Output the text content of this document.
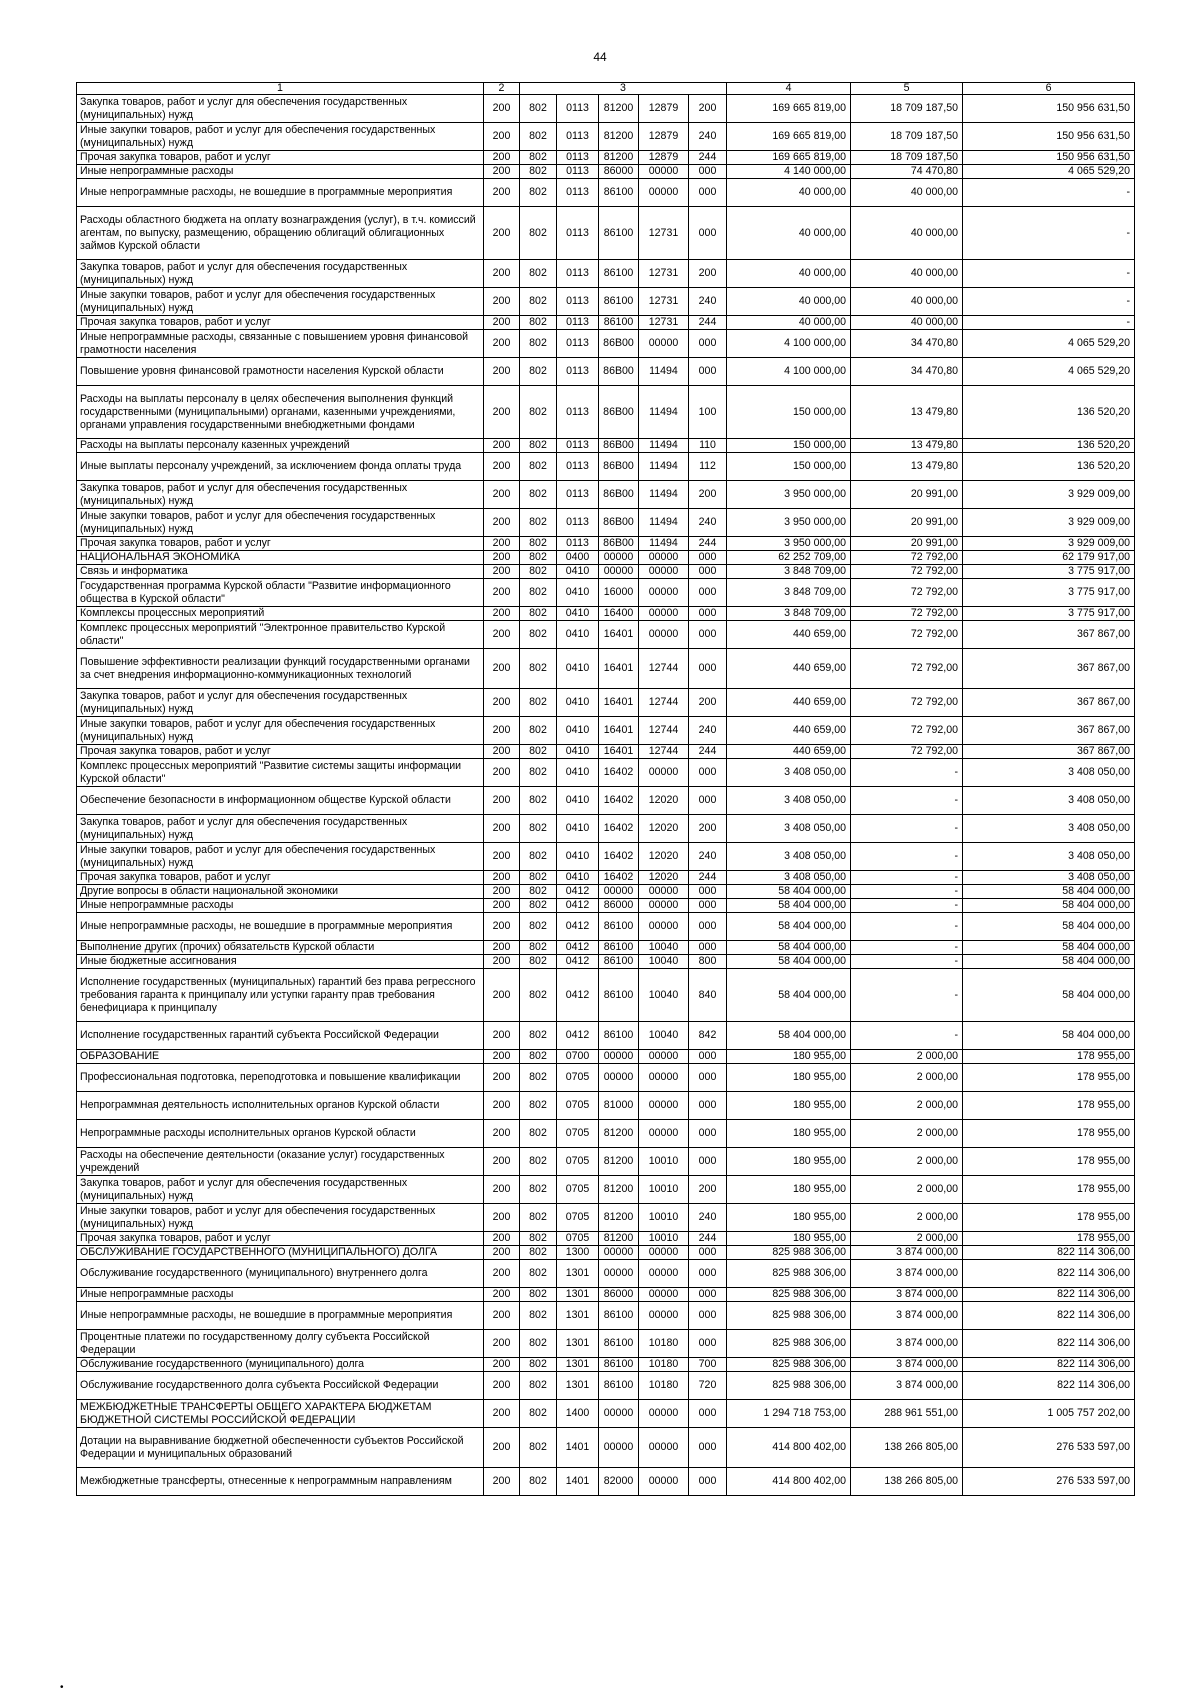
44
1	2	3					4	5	6
Закупка товаров, работ и услуг для обеспечения государственных (муниципальных) нужд	200	802	0113	81200	12879	200	169 665 819,00	18 709 187,50	150 956 631,50
Иные закупки товаров, работ и услуг для обеспечения государственных (муниципальных) нужд	200	802	0113	81200	12879	240	169 665 819,00	18 709 187,50	150 956 631,50
Прочая закупка товаров, работ и услуг	200	802	0113	81200	12879	244	169 665 819,00	18 709 187,50	150 956 631,50
Иные непрограммные расходы	200	802	0113	86000	00000	000	4 140 000,00	74 470,80	4 065 529,20
Иные непрограммные расходы, не вошедшие в программные мероприятия	200	802	0113	86100	00000	000	40 000,00	40 000,00	-
Расходы областного бюджета на оплату вознаграждения (услуг), в т.ч. комиссий агентам, по выпуску, размещению, обращению облигаций облигационных займов Курской области	200	802	0113	86100	12731	000	40 000,00	40 000,00	-
Закупка товаров, работ и услуг для обеспечения государственных (муниципальных) нужд	200	802	0113	86100	12731	200	40 000,00	40 000,00	-
Иные закупки товаров, работ и услуг для обеспечения государственных (муниципальных) нужд	200	802	0113	86100	12731	240	40 000,00	40 000,00	-
Прочая закупка товаров, работ и услуг	200	802	0113	86100	12731	244	40 000,00	40 000,00	-
Иные непрограммные расходы, связанные с повышением уровня финансовой грамотности населения	200	802	0113	86В00	00000	000	4 100 000,00	34 470,80	4 065 529,20
Повышение уровня финансовой грамотности населения Курской области	200	802	0113	86В00	11494	000	4 100 000,00	34 470,80	4 065 529,20
Расходы на выплаты персоналу в целях обеспечения выполнения функций государственными (муниципальными) органами, казенными учреждениями, органами управления государственными внебюджетными фондами	200	802	0113	86В00	11494	100	150 000,00	13 479,80	136 520,20
Расходы на выплаты персоналу казенных учреждений	200	802	0113	86В00	11494	110	150 000,00	13 479,80	136 520,20
Иные выплаты персоналу учреждений, за исключением фонда оплаты труда	200	802	0113	86В00	11494	112	150 000,00	13 479,80	136 520,20
Закупка товаров, работ и услуг для обеспечения государственных (муниципальных) нужд	200	802	0113	86В00	11494	200	3 950 000,00	20 991,00	3 929 009,00
Иные закупки товаров, работ и услуг для обеспечения государственных (муниципальных) нужд	200	802	0113	86В00	11494	240	3 950 000,00	20 991,00	3 929 009,00
Прочая закупка товаров, работ и услуг	200	802	0113	86В00	11494	244	3 950 000,00	20 991,00	3 929 009,00
НАЦИОНАЛЬНАЯ ЭКОНОМИКА	200	802	0400	00000	00000	000	62 252 709,00	72 792,00	62 179 917,00
Связь и информатика	200	802	0410	00000	00000	000	3 848 709,00	72 792,00	3 775 917,00
Государственная программа Курской области "Развитие информационного общества в Курской области"	200	802	0410	16000	00000	000	3 848 709,00	72 792,00	3 775 917,00
Комплексы процессных мероприятий	200	802	0410	16400	00000	000	3 848 709,00	72 792,00	3 775 917,00
Комплекс процессных мероприятий "Электронное правительство Курской области"	200	802	0410	16401	00000	000	440 659,00	72 792,00	367 867,00
Повышение эффективности реализации функций государственными органами за счет внедрения информационно-коммуникационных технологий	200	802	0410	16401	12744	000	440 659,00	72 792,00	367 867,00
Закупка товаров, работ и услуг для обеспечения государственных (муниципальных) нужд	200	802	0410	16401	12744	200	440 659,00	72 792,00	367 867,00
Иные закупки товаров, работ и услуг для обеспечения государственных (муниципальных) нужд	200	802	0410	16401	12744	240	440 659,00	72 792,00	367 867,00
Прочая закупка товаров, работ и услуг	200	802	0410	16401	12744	244	440 659,00	72 792,00	367 867,00
Комплекс процессных мероприятий "Развитие системы защиты информации Курской области"	200	802	0410	16402	00000	000	3 408 050,00	-	3 408 050,00
Обеспечение безопасности в информационном обществе Курской области	200	802	0410	16402	12020	000	3 408 050,00	-	3 408 050,00
Закупка товаров, работ и услуг для обеспечения государственных (муниципальных) нужд	200	802	0410	16402	12020	200	3 408 050,00	-	3 408 050,00
Иные закупки товаров, работ и услуг для обеспечения государственных (муниципальных) нужд	200	802	0410	16402	12020	240	3 408 050,00	-	3 408 050,00
Прочая закупка товаров, работ и услуг	200	802	0410	16402	12020	244	3 408 050,00	-	3 408 050,00
Другие вопросы в области национальной экономики	200	802	0412	00000	00000	000	58 404 000,00	-	58 404 000,00
Иные непрограммные расходы	200	802	0412	86000	00000	000	58 404 000,00	-	58 404 000,00
Иные непрограммные расходы, не вошедшие в программные мероприятия	200	802	0412	86100	00000	000	58 404 000,00	-	58 404 000,00
Выполнение других (прочих) обязательств Курской области	200	802	0412	86100	10040	000	58 404 000,00	-	58 404 000,00
Иные бюджетные ассигнования	200	802	0412	86100	10040	800	58 404 000,00	-	58 404 000,00
Исполнение государственных (муниципальных) гарантий без права регрессного требования гаранта к принципалу или уступки гаранту прав требования бенефициара к принципалу	200	802	0412	86100	10040	840	58 404 000,00	-	58 404 000,00
Исполнение государственных гарантий субъекта Российской Федерации	200	802	0412	86100	10040	842	58 404 000,00	-	58 404 000,00
ОБРАЗОВАНИЕ	200	802	0700	00000	00000	000	180 955,00	2 000,00	178 955,00
Профессиональная подготовка, переподготовка и повышение квалификации	200	802	0705	00000	00000	000	180 955,00	2 000,00	178 955,00
Непрограммная деятельность исполнительных органов Курской области	200	802	0705	81000	00000	000	180 955,00	2 000,00	178 955,00
Непрограммные расходы исполнительных органов Курской области	200	802	0705	81200	00000	000	180 955,00	2 000,00	178 955,00
Расходы на обеспечение деятельности (оказание услуг) государственных учреждений	200	802	0705	81200	10010	000	180 955,00	2 000,00	178 955,00
Закупка товаров, работ и услуг для обеспечения государственных (муниципальных) нужд	200	802	0705	81200	10010	200	180 955,00	2 000,00	178 955,00
Иные закупки товаров, работ и услуг для обеспечения государственных (муниципальных) нужд	200	802	0705	81200	10010	240	180 955,00	2 000,00	178 955,00
Прочая закупка товаров, работ и услуг	200	802	0705	81200	10010	244	180 955,00	2 000,00	178 955,00
ОБСЛУЖИВАНИЕ ГОСУДАРСТВЕННОГО (МУНИЦИПАЛЬНОГО) ДОЛГА	200	802	1300	00000	00000	000	825 988 306,00	3 874 000,00	822 114 306,00
Обслуживание государственного (муниципального) внутреннего долга	200	802	1301	00000	00000	000	825 988 306,00	3 874 000,00	822 114 306,00
Иные непрограммные расходы	200	802	1301	86000	00000	000	825 988 306,00	3 874 000,00	822 114 306,00
Иные непрограммные расходы, не вошедшие в программные мероприятия	200	802	1301	86100	00000	000	825 988 306,00	3 874 000,00	822 114 306,00
Процентные платежи по государственному долгу субъекта Российской Федерации	200	802	1301	86100	10180	000	825 988 306,00	3 874 000,00	822 114 306,00
Обслуживание государственного (муниципального) долга	200	802	1301	86100	10180	700	825 988 306,00	3 874 000,00	822 114 306,00
Обслуживание государственного долга субъекта Российской Федерации	200	802	1301	86100	10180	720	825 988 306,00	3 874 000,00	822 114 306,00
МЕЖБЮДЖЕТНЫЕ ТРАНСФЕРТЫ ОБЩЕГО ХАРАКТЕРА БЮДЖЕТАМ БЮДЖЕТНОЙ СИСТЕМЫ РОССИЙСКОЙ ФЕДЕРАЦИИ	200	802	1400	00000	00000	000	1 294 718 753,00	288 961 551,00	1 005 757 202,00
Дотации на выравнивание бюджетной обеспеченности субъектов Российской Федерации и муниципальных образований	200	802	1401	00000	00000	000	414 800 402,00	138 266 805,00	276 533 597,00
Межбюджетные трансферты, отнесенные к непрограммным направлениям	200	802	1401	82000	00000	000	414 800 402,00	138 266 805,00	276 533 597,00
•
